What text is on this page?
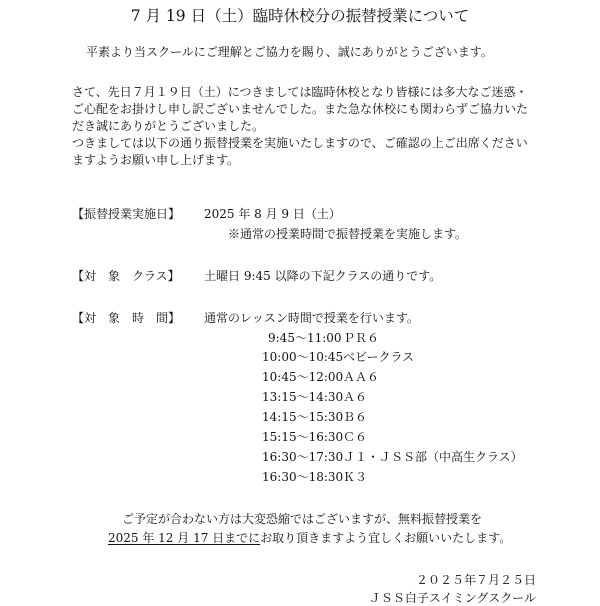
7 月 19 日（土）臨時休校分の振替授業について
平素より当スクールにご理解とご協力を賜り、誠にありがとうございます。
さて、先日７月１９日（土）につきましては臨時休校となり皆様には多大なご迷惑・
ご心配をお掛けし申し訳ございませんでした。また急な休校にも関わらずご協力いた
だき誠にありがとうございました。
つきましては以下の通り振替授業を実施いたしますので、ご確認の上ご出席ください
ますようお願い申し上げます。
【振替授業実施日】 2025 年 8 月 9 日（土）
※通常の授業時間で振替授業を実施します。
【対　象　クラス】 土曜日 9:45 以降の下記クラスの通りです。
【対　象　時　間】 通常のレッスン時間で授業を行います。
9:45～11:00 ＰＲ６
10:00～10:45 ベビークラス
10:45～12:00 ＡＡ６
13:15～14:30 Ａ６
14:15～15:30 Ｂ６
15:15～16:30 Ｃ６
16:30～17:30 Ｊ１・ＪＳＳ部（中高生クラス）
16:30～18:30 Ｋ３
ご予定が合わない方は大変恐縮ではございますが、無料振替授業を
2025 年 12 月 17 日までにお取り頂きますよう宜しくお願いいたします。
２０２５年７月２５日
ＪＳＳ白子スイミングスクール
